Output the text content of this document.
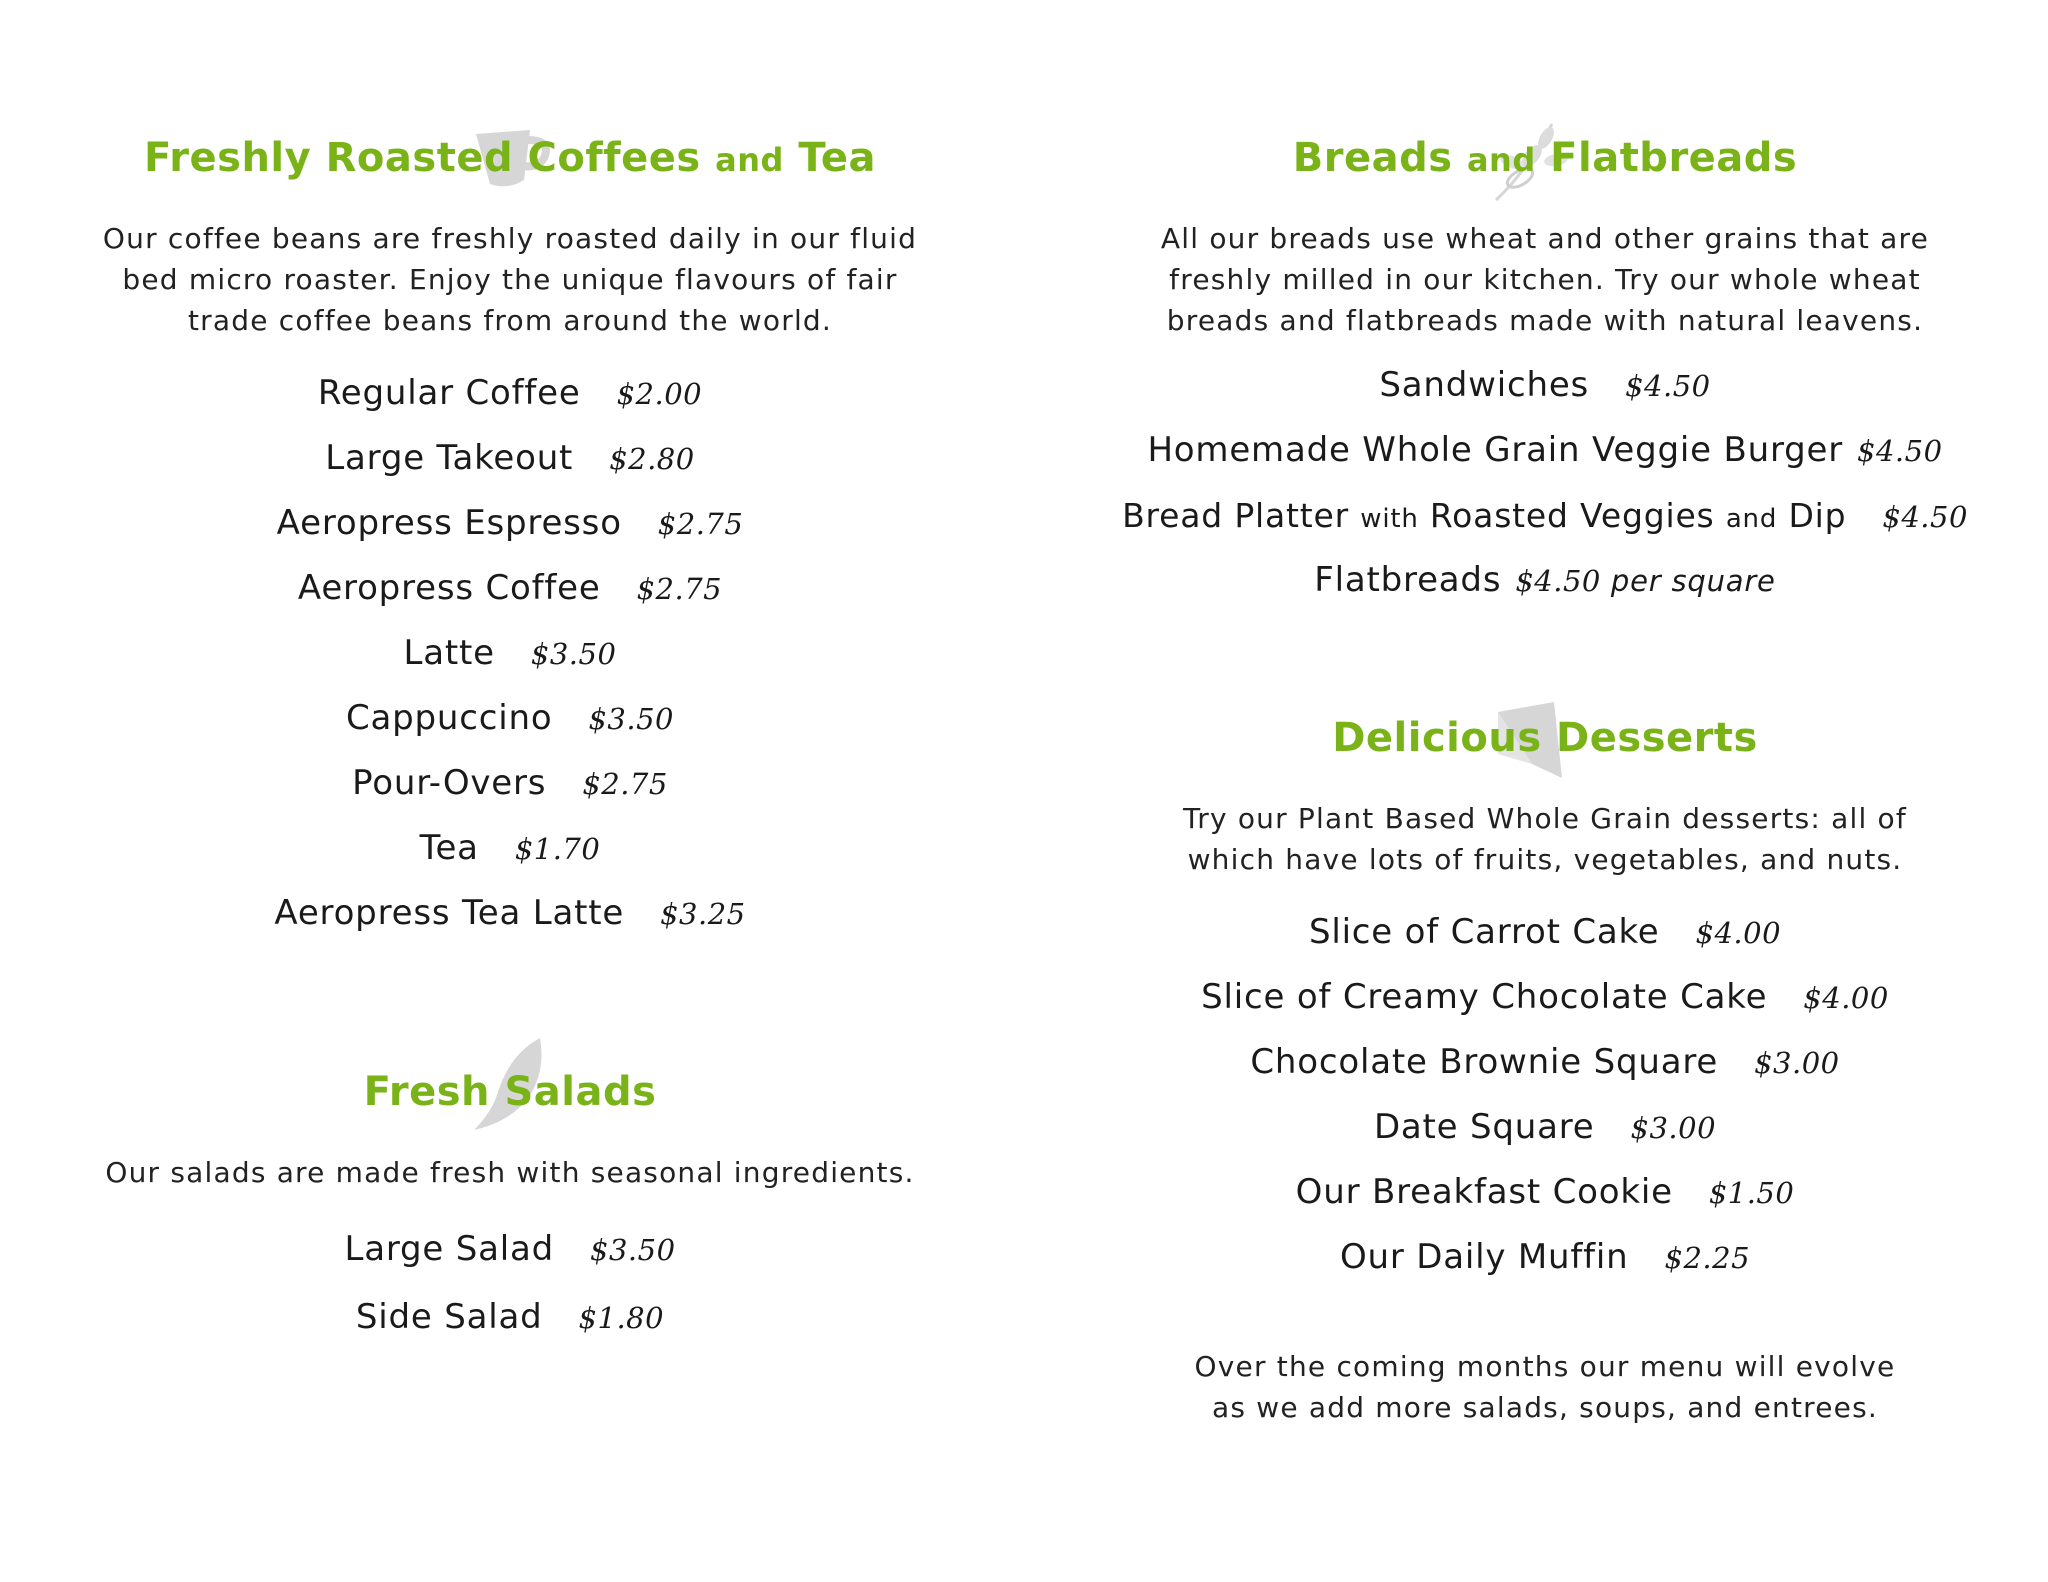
Freshly Roasted Coffees and Tea

Our coffee beans are freshly roasted daily in our fluid

bed micro roaster. Enjoy the unique flavours of fair

trade coffee beans from around the world.

Regular Coffee $2.00
Large Takeout $2.80
Aeropress Espresso $2.75
Aeropress Coffee $2.75
Latte $3.50
Cappuccino $3.50
Pour-Overs $2.75
Tea $1.70
Aeropress Tea Latte $3.25
Fresh Salads

Our salads are made fresh with seasonal ingredients.

Large Salad $3.50
Side Salad $1.80
Breads and Flatbreads

All our breads use wheat and other grains that are

freshly milled in our kitchen. Try our whole wheat

breads and flatbreads made with natural leavens.

Sandwiches $4.50
Homemade Whole Grain Veggie Burger $4.50
Bread Platter with Roasted Veggies and Dip $4.50
Flatbreads $4.50 per square
Delicious Desserts

Try our Plant Based Whole Grain desserts: all of

which have lots of fruits, vegetables, and nuts.

Slice of Carrot Cake $4.00
Slice of Creamy Chocolate Cake $4.00
Chocolate Brownie Square $3.00
Date Square $3.00
Our Breakfast Cookie $1.50
Our Daily Muffin $2.25

Over the coming months our menu will evolve

as we add more salads, soups, and entrees.
